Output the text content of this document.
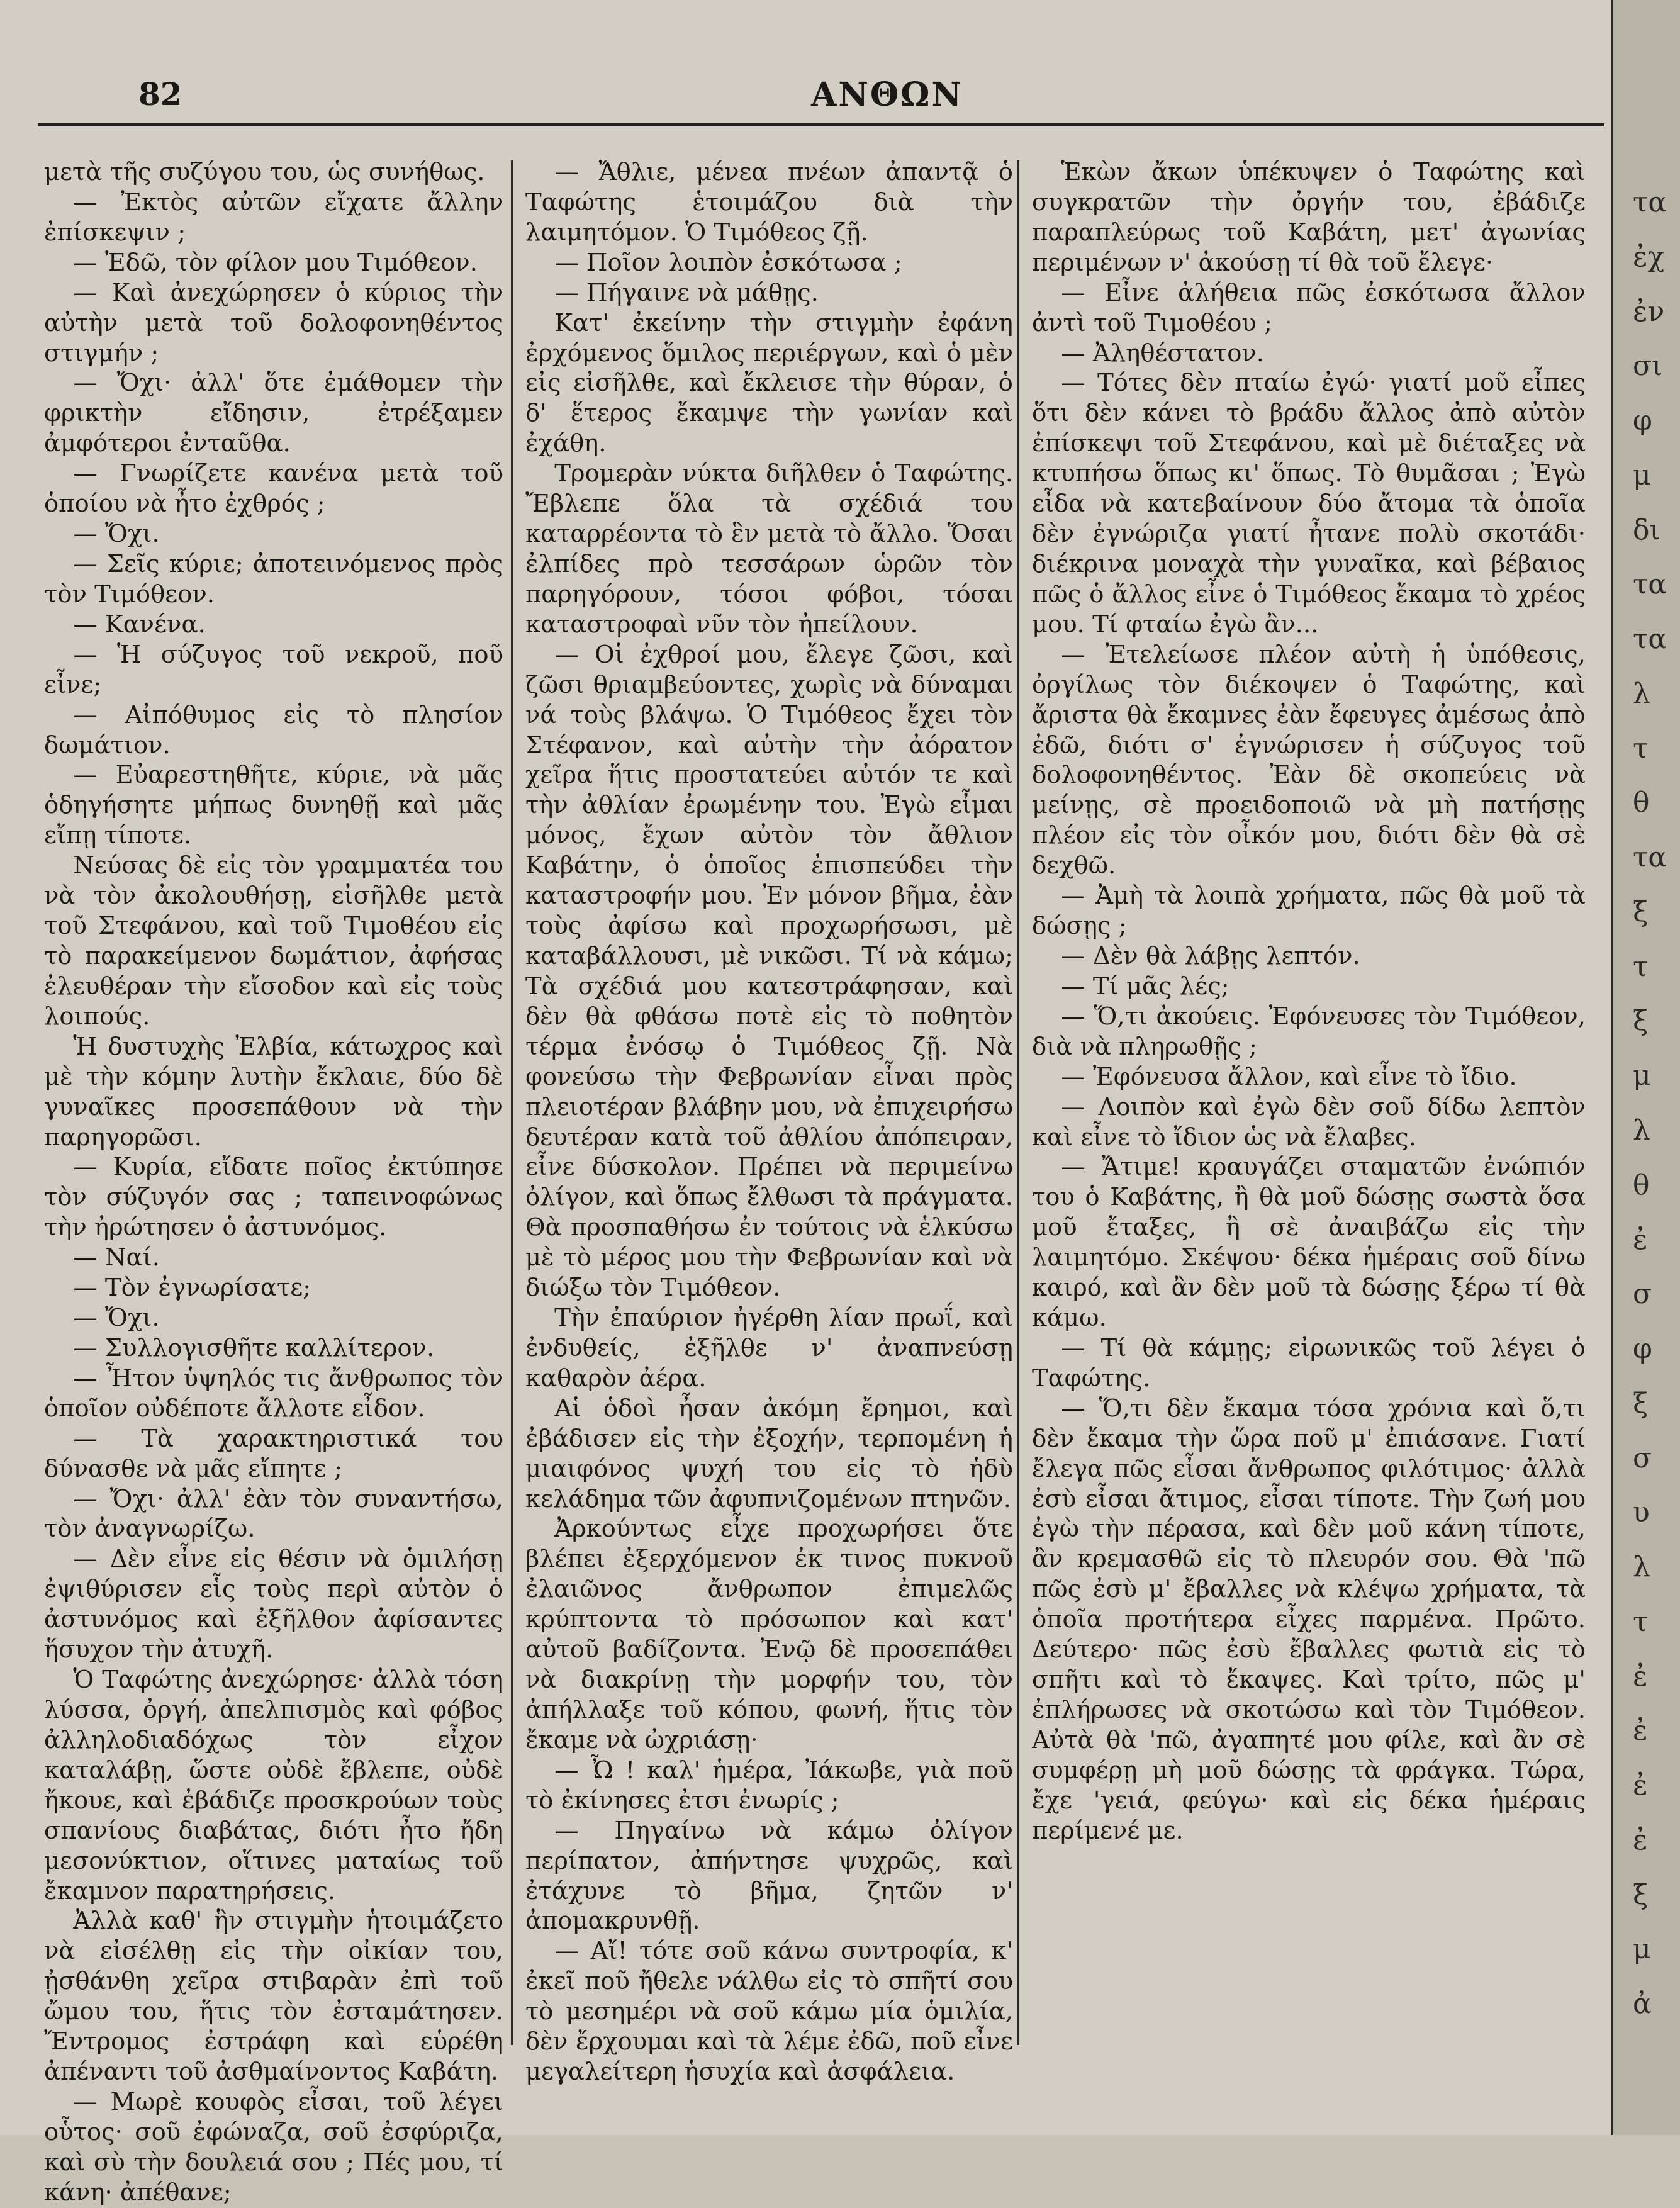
82	ΑΝΘΩΝ

μετὰ τῆς συζύγου του, ὡς συνήθως.

— Ἐκτὸς αὐτῶν εἴχατε ἄλλην ἐπίσκεψιν ;

— Ἐδῶ, τὸν φίλον μου Τιμόθεον.

— Καὶ ἀνεχώρησεν ὁ κύριος τὴν αὐτὴν μετὰ τοῦ δολοφονηθέντος στιγμήν ;

— Ὄχι· ἀλλ' ὅτε ἐμάθομεν τὴν φρικτὴν εἴδησιν, ἐτρέξαμεν ἀμφότεροι ἐνταῦθα.

— Γνωρίζετε κανένα μετὰ τοῦ ὁποίου νὰ ἦτο ἐχθρός ;

— Ὄχι.

— Σεῖς κύριε; ἀποτεινόμενος πρὸς τὸν Τιμόθεον.

— Κανένα.

— Ἡ σύζυγος τοῦ νεκροῦ, ποῦ εἶνε;

— Αἰπόθυμος εἰς τὸ πλησίον δωμάτιον.

— Εὐαρεστηθῆτε, κύριε, νὰ μᾶς ὁδηγήσητε μήπως δυνηθῇ καὶ μᾶς εἴπῃ τίποτε.

Νεύσας δὲ εἰς τὸν γραμματέα του νὰ τὸν ἀκολουθήσῃ, εἰσῆλθε μετὰ τοῦ Στεφάνου, καὶ τοῦ Τιμοθέου εἰς τὸ παρακείμενον δωμάτιον, ἀφήσας ἐλευθέραν τὴν εἴσοδον καὶ εἰς τοὺς λοιπούς.

Ἡ δυστυχὴς Ἐλβία, κάτωχρος καὶ μὲ τὴν κόμην λυτὴν ἔκλαιε, δύο δὲ γυναῖκες προσεπάθουν νὰ τὴν παρηγορῶσι.

— Κυρία, εἴδατε ποῖος ἐκτύπησε τὸν σύζυγόν σας ; ταπεινοφώνως τὴν ἠρώτησεν ὁ ἀστυνόμος.

— Ναί.

— Τὸν ἐγνωρίσατε;

— Ὄχι.

— Συλλογισθῆτε καλλίτερον.

— Ἦτον ὑψηλός τις ἄνθρωπος τὸν ὁποῖον οὐδέποτε ἄλλοτε εἶδον.

— Τὰ χαρακτηριστικά του δύνασθε νὰ μᾶς εἴπητε ;

— Ὄχι· ἀλλ' ἐὰν τὸν συναντήσω, τὸν ἀναγνωρίζω.

— Δὲν εἶνε εἰς θέσιν νὰ ὁμιλήσῃ ἐψιθύρισεν εἷς τοὺς περὶ αὐτὸν ὁ ἀστυνόμος καὶ ἐξῆλθον ἀφίσαντες ἥσυχον τὴν ἀτυχῆ.

Ὁ Ταφώτης ἀνεχώρησε· ἀλλὰ τόση λύσσα, ὀργή, ἀπελπισμὸς καὶ φόβος ἀλληλοδιαδόχως τὸν εἶχον καταλάβῃ, ὥστε οὐδὲ ἔβλεπε, οὐδὲ ἤκουε, καὶ ἐβάδιζε προσκρούων τοὺς σπανίους διαβάτας, διότι ἦτο ἤδη μεσονύκτιον, οἵτινες ματαίως τοῦ ἔκαμνον παρατηρήσεις.

Ἀλλὰ καθ' ἣν στιγμὴν ἡτοιμάζετο νὰ εἰσέλθῃ εἰς τὴν οἰκίαν του, ᾐσθάνθη χεῖρα στιβαρὰν ἐπὶ τοῦ ὤμου του, ἥτις τὸν ἐσταμάτησεν. Ἔντρομος ἐστράφη καὶ εὑρέθη ἀπέναντι τοῦ ἀσθμαίνοντος Καβάτη.

— Μωρὲ κουφὸς εἶσαι, τοῦ λέγει οὗτος· σοῦ ἐφώναζα, σοῦ ἐσφύριζα, καὶ σὺ τὴν δουλειά σου ; Πές μου, τί κάνη· ἀπέθανε;

— Ἄθλιε, μένεα πνέων ἀπαντᾷ ὁ Ταφώτης ἑτοιμάζου διὰ τὴν λαιμητόμον. Ὁ Τιμόθεος ζῇ.

— Ποῖον λοιπὸν ἐσκότωσα ;

— Πήγαινε νὰ μάθῃς.

Κατ' ἐκείνην τὴν στιγμὴν ἐφάνη ἐρχόμενος ὅμιλος περιέργων, καὶ ὁ μὲν εἰς εἰσῆλθε, καὶ ἔκλεισε τὴν θύραν, ὁ δ' ἕτερος ἔκαμψε τὴν γωνίαν καὶ ἐχάθη.

Τρομερὰν νύκτα διῆλθεν ὁ Ταφώτης. Ἔβλεπε ὅλα τὰ σχέδιά του καταρρέοντα τὸ ἓν μετὰ τὸ ἄλλο. Ὅσαι ἐλπίδες πρὸ τεσσάρων ὡρῶν τὸν παρηγόρουν, τόσοι φόβοι, τόσαι καταστροφαὶ νῦν τὸν ἠπείλουν.

— Οἱ ἐχθροί μου, ἔλεγε ζῶσι, καὶ ζῶσι θριαμβεύοντες, χωρὶς νὰ δύναμαι νά τοὺς βλάψω. Ὁ Τιμόθεος ἔχει τὸν Στέφανον, καὶ αὐτὴν τὴν ἀόρατον χεῖρα ἥτις προστατεύει αὐτόν τε καὶ τὴν ἀθλίαν ἐρωμένην του. Ἐγὼ εἶμαι μόνος, ἔχων αὐτὸν τὸν ἄθλιον Καβάτην, ὁ ὁποῖος ἐπισπεύδει τὴν καταστροφήν μου. Ἐν μόνον βῆμα, ἐὰν τοὺς ἀφίσω καὶ προχωρήσωσι, μὲ καταβάλλουσι, μὲ νικῶσι. Τί νὰ κάμω; Τὰ σχέδιά μου κατεστράφησαν, καὶ δὲν θὰ φθάσω ποτὲ εἰς τὸ ποθητὸν τέρμα ἐνόσῳ ὁ Τιμόθεος ζῇ. Νὰ φονεύσω τὴν Φεβρωνίαν εἶναι πρὸς πλειοτέραν βλάβην μου, νὰ ἐπιχειρήσω δευτέραν κατὰ τοῦ ἀθλίου ἀπόπειραν, εἶνε δύσκολον. Πρέπει νὰ περιμείνω ὀλίγον, καὶ ὅπως ἔλθωσι τὰ πράγματα. Θὰ προσπαθήσω ἐν τούτοις νὰ ἑλκύσω μὲ τὸ μέρος μου τὴν Φεβρωνίαν καὶ νὰ διώξω τὸν Τιμόθεον.

Τὴν ἐπαύριον ἠγέρθη λίαν πρωΐ, καὶ ἐνδυθείς, ἐξῆλθε ν' ἀναπνεύσῃ καθαρὸν ἀέρα.

Αἱ ὁδοὶ ἦσαν ἀκόμη ἔρημοι, καὶ ἐβάδισεν εἰς τὴν ἐξοχήν, τερπομένη ἡ μιαιφόνος ψυχή του εἰς τὸ ἡδὺ κελάδημα τῶν ἀφυπνιζομένων πτηνῶν.

Ἀρκούντως εἶχε προχωρήσει ὅτε βλέπει ἐξερχόμενον ἐκ τινος πυκνοῦ ἐλαιῶνος ἄνθρωπον ἐπιμελῶς κρύπτοντα τὸ πρόσωπον καὶ κατ' αὐτοῦ βαδίζοντα. Ἐνῷ δὲ προσεπάθει νὰ διακρίνῃ τὴν μορφήν του, τὸν ἀπήλλαξε τοῦ κόπου, φωνή, ἥτις τὸν ἔκαμε νὰ ὠχριάσῃ·

— Ὦ ! καλ' ἡμέρα, Ἰάκωβε, γιὰ ποῦ τὸ ἐκίνησες ἐτσι ἐνωρίς ;

— Πηγαίνω νὰ κάμω ὀλίγον περίπατον, ἀπήντησε ψυχρῶς, καὶ ἐτάχυνε τὸ βῆμα, ζητῶν ν' ἀπομακρυνθῇ.

— Αἴ! τότε σοῦ κάνω συντροφία, κ' ἐκεῖ ποῦ ἤθελε νάλθω εἰς τὸ σπῆτί σου τὸ μεσημέρι νὰ σοῦ κάμω μία ὁμιλία, δὲν ἔρχουμαι καὶ τὰ λέμε ἐδῶ, ποῦ εἶνε μεγαλείτερη ἡσυχία καὶ ἀσφάλεια.

Ἑκὼν ἄκων ὑπέκυψεν ὁ Ταφώτης καὶ συγκρατῶν τὴν ὀργήν του, ἐβάδιζε παραπλεύρως τοῦ Καβάτη, μετ' ἀγωνίας περιμένων ν' ἀκούσῃ τί θὰ τοῦ ἔλεγε·

— Εἶνε ἀλήθεια πῶς ἐσκότωσα ἄλλον ἀντὶ τοῦ Τιμοθέου ;

— Ἀληθέστατον.

— Τότες δὲν πταίω ἐγώ· γιατί μοῦ εἶπες ὅτι δὲν κάνει τὸ βράδυ ἄλλος ἀπὸ αὐτὸν ἐπίσκεψι τοῦ Στεφάνου, καὶ μὲ διέταξες νὰ κτυπήσω ὅπως κι' ὅπως. Τὸ θυμᾶσαι ; Ἐγὼ εἶδα νὰ κατεβαίνουν δύο ἄτομα τὰ ὁποῖα δὲν ἐγνώριζα γιατί ἦτανε πολὺ σκοτάδι· διέκρινα μοναχὰ τὴν γυναῖκα, καὶ βέβαιος πῶς ὁ ἄλλος εἶνε ὁ Τιμόθεος ἔκαμα τὸ χρέος μου. Τί φταίω ἐγὼ ἂν...

— Ἐτελείωσε πλέον αὐτὴ ἡ ὑπόθεσις, ὀργίλως τὸν διέκοψεν ὁ Ταφώτης, καὶ ἄριστα θὰ ἔκαμνες ἐὰν ἔφευγες ἀμέσως ἀπὸ ἐδῶ, διότι σ' ἐγνώρισεν ἡ σύζυγος τοῦ δολοφονηθέντος. Ἐὰν δὲ σκοπεύεις νὰ μείνῃς, σὲ προειδοποιῶ νὰ μὴ πατήσῃς πλέον εἰς τὸν οἶκόν μου, διότι δὲν θὰ σὲ δεχθῶ.

— Ἀμὴ τὰ λοιπὰ χρήματα, πῶς θὰ μοῦ τὰ δώσῃς ;

— Δὲν θὰ λάβῃς λεπτόν.

— Τί μᾶς λές;

— Ὅ,τι ἀκούεις. Ἐφόνευσες τὸν Τιμόθεον, διὰ νὰ πληρωθῇς ;

— Ἐφόνευσα ἄλλον, καὶ εἶνε τὸ ἴδιο.

— Λοιπὸν καὶ ἐγὼ δὲν σοῦ δίδω λεπτὸν καὶ εἶνε τὸ ἴδιον ὡς νὰ ἔλαβες.

— Ἄτιμε! κραυγάζει σταματῶν ἐνώπιόν του ὁ Καβάτης, ἢ θὰ μοῦ δώσῃς σωστὰ ὅσα μοῦ ἔταξες, ἢ σὲ ἀναιβάζω εἰς τὴν λαιμητόμο. Σκέψου· δέκα ἡμέραις σοῦ δίνω καιρό, καὶ ἂν δὲν μοῦ τὰ δώσῃς ξέρω τί θὰ κάμω.

— Τί θὰ κάμῃς; εἰρωνικῶς τοῦ λέγει ὁ Ταφώτης.

— Ὅ,τι δὲν ἔκαμα τόσα χρόνια καὶ ὅ,τι δὲν ἔκαμα τὴν ὥρα ποῦ μ' ἐπιάσανε. Γιατί ἔλεγα πῶς εἶσαι ἄνθρωπος φιλότιμος· ἀλλὰ ἐσὺ εἶσαι ἄτιμος, εἶσαι τίποτε. Τὴν ζωή μου ἐγὼ τὴν πέρασα, καὶ δὲν μοῦ κάνη τίποτε, ἂν κρεμασθῶ εἰς τὸ πλευρόν σου. Θὰ 'πῶ πῶς ἐσὺ μ' ἔβαλλες νὰ κλέψω χρήματα, τὰ ὁποῖα προτήτερα εἶχες παρμένα. Πρῶτο. Δεύτερο· πῶς ἐσὺ ἔβαλλες φωτιὰ εἰς τὸ σπῆτι καὶ τὸ ἔκαψες. Καὶ τρίτο, πῶς μ' ἐπλήρωσες νὰ σκοτώσω καὶ τὸν Τιμόθεον. Αὐτὰ θὰ 'πῶ, ἀγαπητέ μου φίλε, καὶ ἂν σὲ συμφέρῃ μὴ μοῦ δώσῃς τὰ φράγκα. Τώρα, ἔχε 'γειά, φεύγω· καὶ εἰς δέκα ἡμέραις περίμενέ με.

τα
ἐχ
ἐν
σι
φ
μ
δι
τα
τα
λ
τ
θ
τα
ξ
τ
ξ
μ
λ
θ
ἐ
σ
φ
ξ
σ
υ
λ
τ
ἐ
ἐ
ἐ
ἐ
ξ
μ
ἀ
